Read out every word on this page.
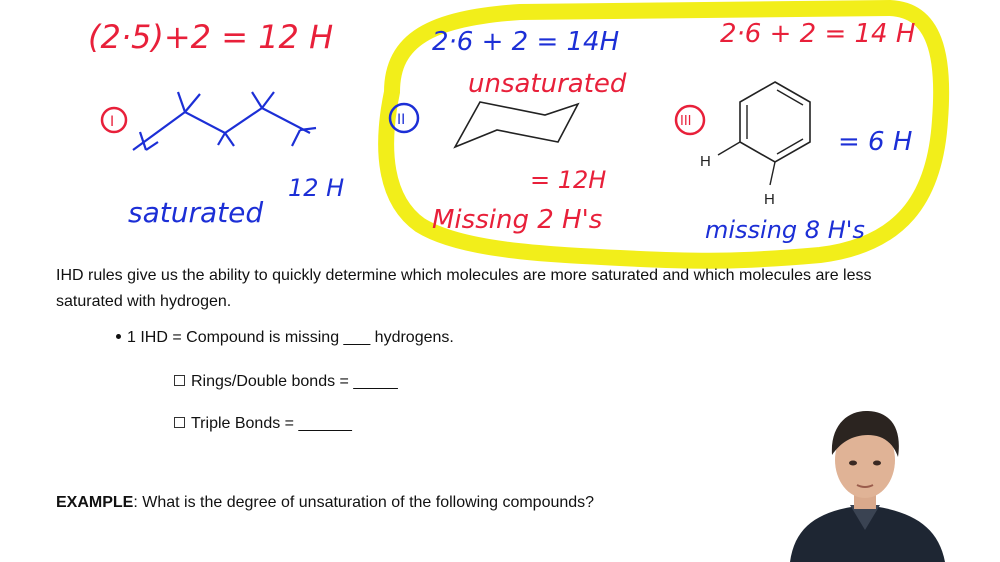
(2·5)+2 = 12 H	2·6 + 2 = 14H	2·6 + 2 = 14 H
I
saturated
12 H
II
unsaturated
= 12H
Missing 2 H's
III
H
H
= 6 H
missing 8 H's
IHD rules give us the ability to quickly determine which molecules are more saturated and which molecules are less
saturated with hydrogen.
1 IHD = Compound is missing ___ hydrogens.
Rings/Double bonds = _____
Triple Bonds = ______
EXAMPLE: What is the degree of unsaturation of the following compounds?
